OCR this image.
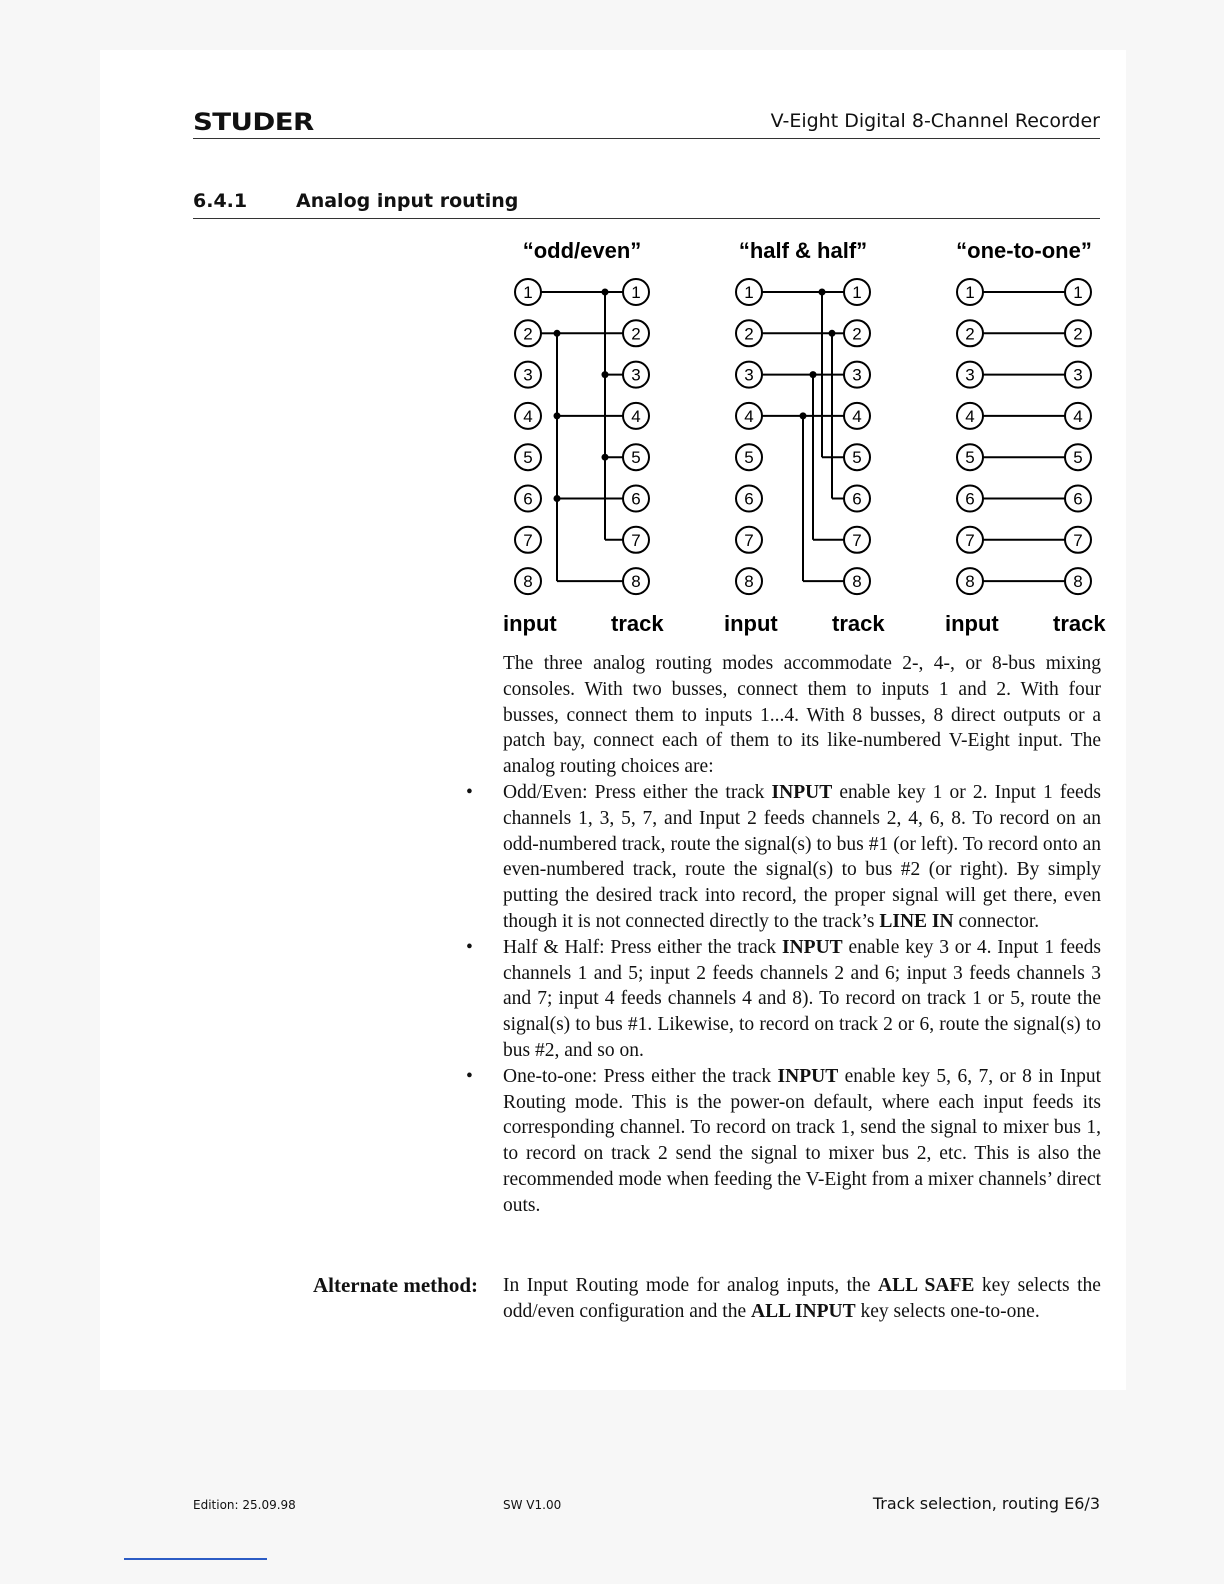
STUDER	V-Eight Digital 8-Channel Recorder
6.4.1	Analog input routing
“odd/even”
1	1
2	2
3	3
4	4
5	5
6	6
7	7
8	8
input track
“half & half”
1	1
2	2
3	3
4	4
5	5
6	6
7	7
8	8
input track
“one-to-one”
1	1
2	2
3	3
4	4
5	5
6	6
7	7
8	8
input track
The three analog routing modes accommodate 2-, 4-, or 8-bus mixing consoles. With two busses, connect them to inputs 1 and 2. With four busses, connect them to inputs 1...4. With 8 busses, 8 direct outputs or a patch bay, connect each of them to its like-numbered V-Eight input. The analog routing choices are:
• Odd/Even: Press either the track INPUT enable key 1 or 2. Input 1 feeds channels 1, 3, 5, 7, and Input 2 feeds channels 2, 4, 6, 8. To record on an odd-numbered track, route the signal(s) to bus #1 (or left). To record onto an even-numbered track, route the signal(s) to bus #2 (or right). By simply putting the desired track into record, the proper signal will get there, even though it is not connected directly to the track’s LINE IN connector.
• Half & Half: Press either the track INPUT enable key 3 or 4. Input 1 feeds channels 1 and 5; input 2 feeds channels 2 and 6; input 3 feeds channels 3 and 7; input 4 feeds channels 4 and 8). To record on track 1 or 5, route the signal(s) to bus #1. Likewise, to record on track 2 or 6, route the signal(s) to bus #2, and so on.
• One-to-one: Press either the track INPUT enable key 5, 6, 7, or 8 in Input Routing mode. This is the power-on default, where each input feeds its corresponding channel. To record on track 1, send the signal to mixer bus 1, to record on track 2 send the signal to mixer bus 2, etc. This is also the recommended mode when feeding the V-Eight from a mixer channels’ direct outs.
Alternate method: In Input Routing mode for analog inputs, the ALL SAFE key selects the odd/even configuration and the ALL INPUT key selects one-to-one.
Edition: 25.09.98	SW V1.00	Track selection, routing E6/3
